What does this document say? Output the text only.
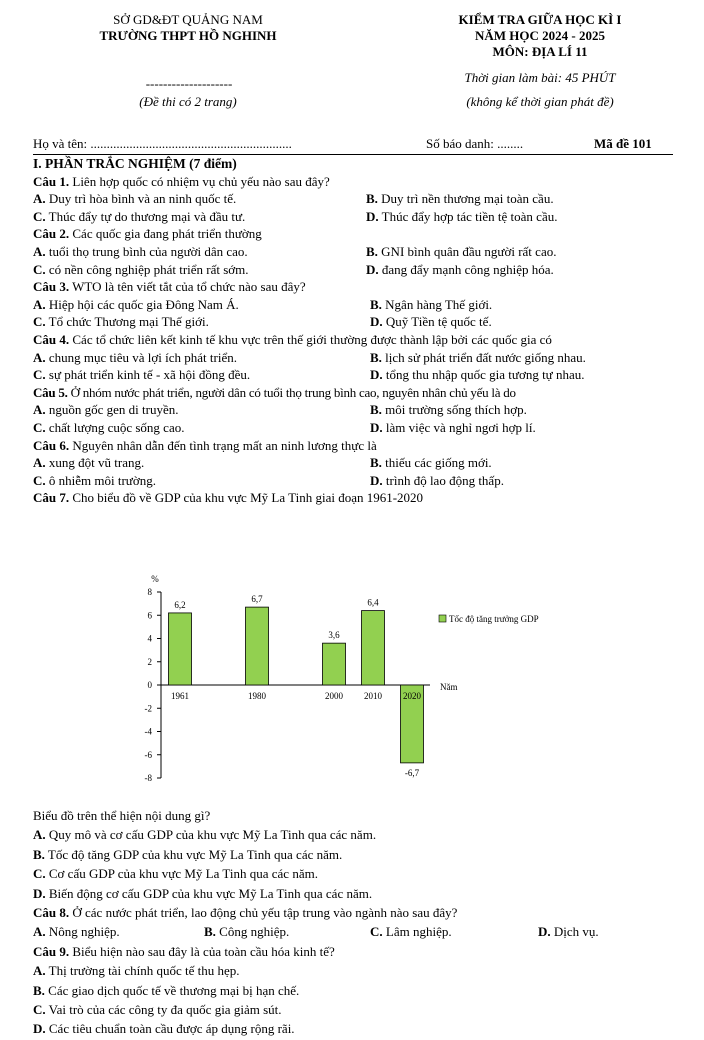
SỞ GD&ĐT QUẢNG NAM
TRƯỜNG THPT HỒ NGHINH
--------------------
(Đề thi có 2 trang)
KIỂM TRA GIỮA HỌC KÌ I
NĂM HỌC 2024 - 2025
MÔN: ĐỊA LÍ 11
Thời gian làm bài: 45 PHÚT
(không kể thời gian phát đề)
Họ và tên: ..............................................................	Số báo danh: ........	Mã đề 101
I. PHẦN TRẮC NGHIỆM (7 điểm)
Câu 1. Liên hợp quốc có nhiệm vụ chủ yếu nào sau đây?
A. Duy trì hòa bình và an ninh quốc tế.	B. Duy trì nền thương mại toàn cầu.
C. Thúc đẩy tự do thương mại và đầu tư.	D. Thúc đẩy hợp tác tiền tệ toàn cầu.
Câu 2. Các quốc gia đang phát triển thường
A. tuổi thọ trung bình của người dân cao.	B. GNI bình quân đầu người rất cao.
C. có nền công nghiệp phát triển rất sớm.	D. đang đẩy mạnh công nghiệp hóa.
Câu 3. WTO là tên viết tắt của tổ chức nào sau đây?
A. Hiệp hội các quốc gia Đông Nam Á.	B. Ngân hàng Thế giới.
C. Tổ chức Thương mại Thế giới.	D. Quỹ Tiền tệ quốc tế.
Câu 4. Các tổ chức liên kết kinh tế khu vực trên thế giới thường được thành lập bởi các quốc gia có
A. chung mục tiêu và lợi ích phát triển.	B. lịch sử phát triển đất nước giống nhau.
C. sự phát triển kinh tế - xã hội đồng đều.	D. tổng thu nhập quốc gia tương tự nhau.
Câu 5. Ở nhóm nước phát triển, người dân có tuổi thọ trung bình cao, nguyên nhân chủ yếu là do
A. nguồn gốc gen di truyền.	B. môi trường sống thích hợp.
C. chất lượng cuộc sống cao.	D. làm việc và nghỉ ngơi hợp lí.
Câu 6. Nguyên nhân dẫn đến tình trạng mất an ninh lương thực là
A. xung đột vũ trang.	B. thiếu các giống mới.
C. ô nhiễm môi trường.	D. trình độ lao động thấp.
Câu 7. Cho biểu đồ về GDP của khu vực Mỹ La Tinh giai đoạn 1961-2020
8
6
4
2
0
-2
-4
-6
-8
%
6,2
1961
6,7
1980
3,6
2000
6,4
2010
-6,7
2020
Năm
Tốc độ tăng trưởng GDP
Biểu đồ trên thể hiện nội dung gì?
A. Quy mô và cơ cấu GDP của khu vực Mỹ La Tinh qua các năm.
B. Tốc độ tăng GDP của khu vực Mỹ La Tinh qua các năm.
C. Cơ cấu GDP của khu vực Mỹ La Tinh qua các năm.
D. Biến động cơ cấu GDP của khu vực Mỹ La Tinh qua các năm.
Câu 8. Ở các nước phát triển, lao động chủ yếu tập trung vào ngành nào sau đây?
A. Nông nghiệp.	B. Công nghiệp.	C. Lâm nghiệp.	D. Dịch vụ.
Câu 9. Biểu hiện nào sau đây là của toàn cầu hóa kinh tế?
A. Thị trường tài chính quốc tế thu hẹp.
B. Các giao dịch quốc tế về thương mại bị hạn chế.
C. Vai trò của các công ty đa quốc gia giảm sút.
D. Các tiêu chuẩn toàn cầu được áp dụng rộng rãi.
